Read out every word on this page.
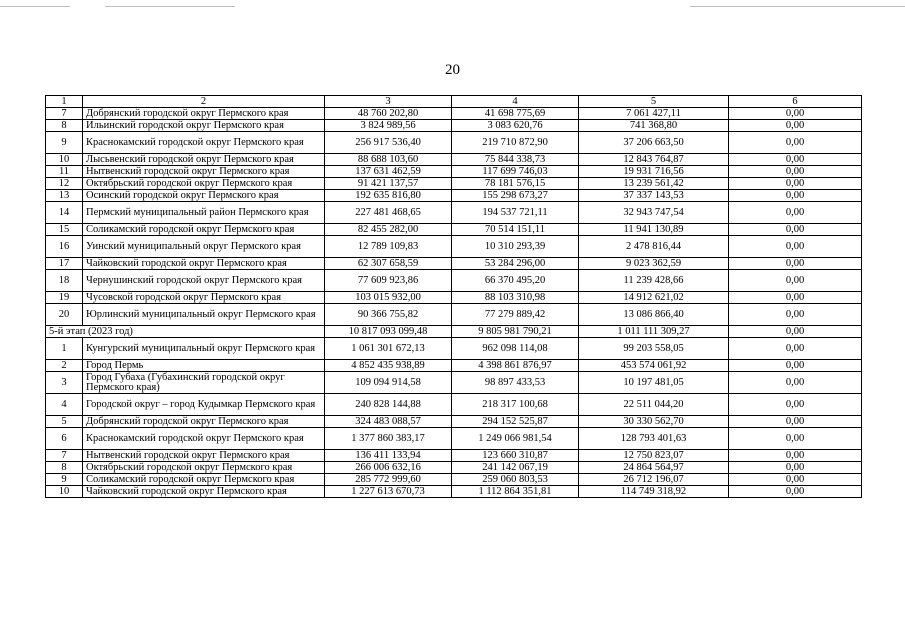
20
1	2	3	4	5	6
7	Добрянский городской округ Пермского края	48 760 202,80	41 698 775,69	7 061 427,11	0,00
8	Ильинский городской округ Пермского края	3 824 989,56	3 083 620,76	741 368,80	0,00
9	Краснокамский городской округ Пермского края	256 917 536,40	219 710 872,90	37 206 663,50	0,00
10	Лысьвенский городской округ Пермского края	88 688 103,60	75 844 338,73	12 843 764,87	0,00
11	Нытвенский городской округ Пермского края	137 631 462,59	117 699 746,03	19 931 716,56	0,00
12	Октябрьский городской округ Пермского края	91 421 137,57	78 181 576,15	13 239 561,42	0,00
13	Осинский городской округ Пермского края	192 635 816,80	155 298 673,27	37 337 143,53	0,00
14	Пермский муниципальный район Пермского края	227 481 468,65	194 537 721,11	32 943 747,54	0,00
15	Соликамский городской округ Пермского края	82 455 282,00	70 514 151,11	11 941 130,89	0,00
16	Уинский муниципальный округ Пермского края	12 789 109,83	10 310 293,39	2 478 816,44	0,00
17	Чайковский городской округ Пермского края	62 307 658,59	53 284 296,00	9 023 362,59	0,00
18	Чернушинский городской округ Пермского края	77 609 923,86	66 370 495,20	11 239 428,66	0,00
19	Чусовской городской округ Пермского края	103 015 932,00	88 103 310,98	14 912 621,02	0,00
20	Юрлинский муниципальный округ Пермского края	90 366 755,82	77 279 889,42	13 086 866,40	0,00
5-й этап (2023 год)		10 817 093 099,48	9 805 981 790,21	1 011 111 309,27	0,00
1	Кунгурский муниципальный округ Пермского края	1 061 301 672,13	962 098 114,08	99 203 558,05	0,00
2	Город Пермь	4 852 435 938,89	4 398 861 876,97	453 574 061,92	0,00
3	Город Губаха (Губахинский городской округ Пермского края)	109 094 914,58	98 897 433,53	10 197 481,05	0,00
4	Городской округ – город Кудымкар Пермского края	240 828 144,88	218 317 100,68	22 511 044,20	0,00
5	Добрянский городской округ Пермского края	324 483 088,57	294 152 525,87	30 330 562,70	0,00
6	Краснокамский городской округ Пермского края	1 377 860 383,17	1 249 066 981,54	128 793 401,63	0,00
7	Нытвенский городской округ Пермского края	136 411 133,94	123 660 310,87	12 750 823,07	0,00
8	Октябрьский городской округ Пермского края	266 006 632,16	241 142 067,19	24 864 564,97	0,00
9	Соликамский городской округ Пермского края	285 772 999,60	259 060 803,53	26 712 196,07	0,00
10	Чайковский городской округ Пермского края	1 227 613 670,73	1 112 864 351,81	114 749 318,92	0,00
